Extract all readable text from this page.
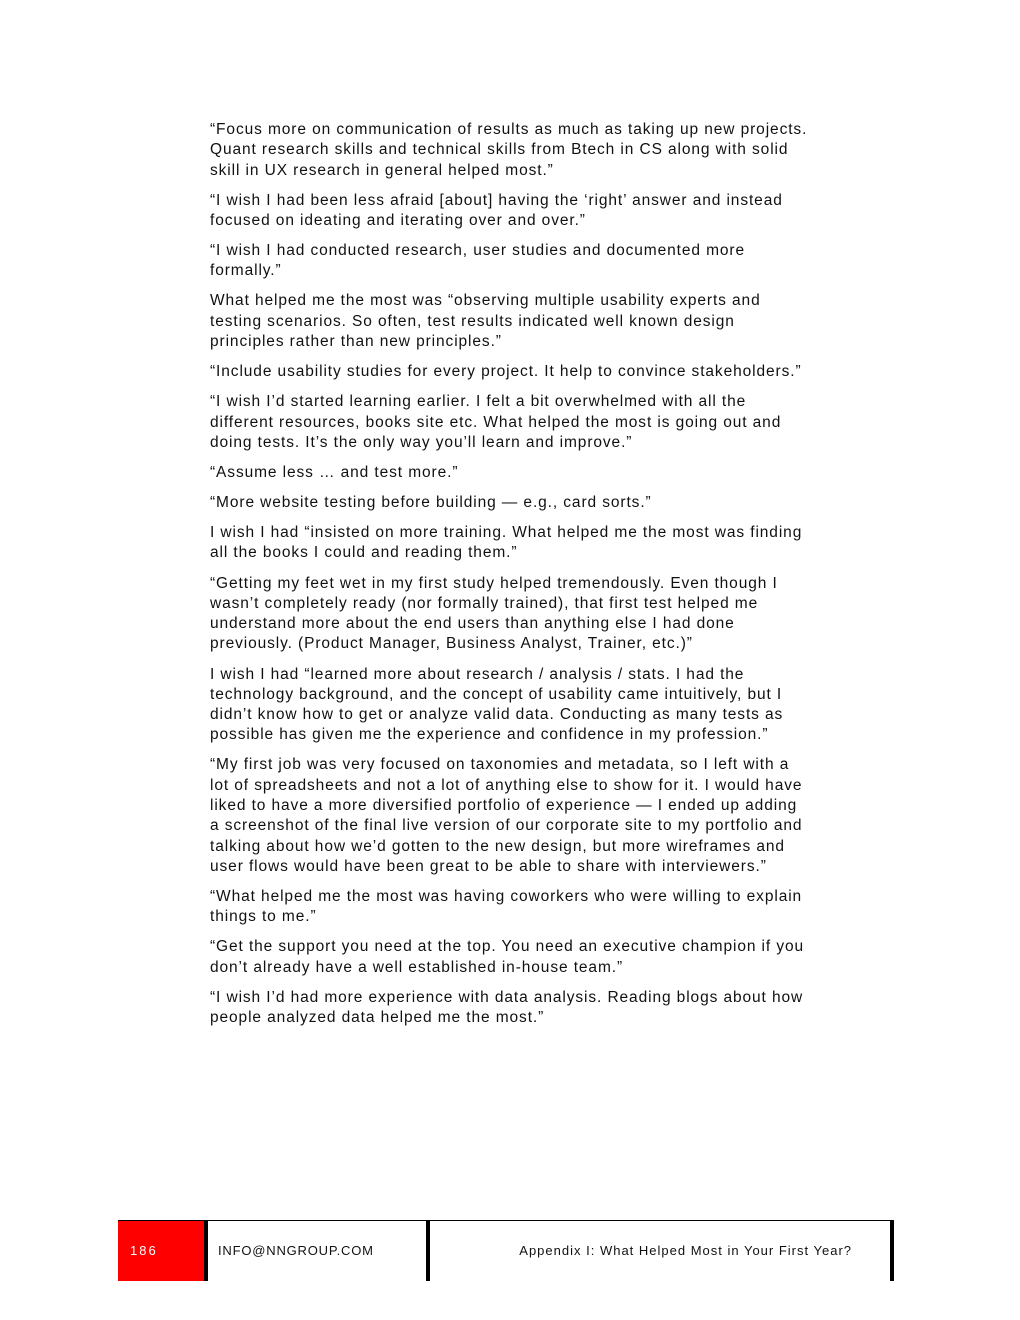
“Focus more on communication of results as much as taking up new projects. Quant research skills and technical skills from Btech in CS along with solid skill in UX research in general helped most.”

“I wish I had been less afraid [about] having the ‘right’ answer and instead focused on ideating and iterating over and over.”

“I wish I had conducted research, user studies and documented more formally.”

What helped me the most was “observing multiple usability experts and testing scenarios. So often, test results indicated well known design principles rather than new principles.”

“Include usability studies for every project. It help to convince stakeholders.”

“I wish I’d started learning earlier. I felt a bit overwhelmed with all the different resources, books site etc. What helped the most is going out and doing tests. It’s the only way you’ll learn and improve.”

“Assume less … and test more.”

“More website testing before building — e.g., card sorts.”

I wish I had “insisted on more training. What helped me the most was finding all the books I could and reading them.”

“Getting my feet wet in my first study helped tremendously. Even though I wasn’t completely ready (nor formally trained), that first test helped me understand more about the end users than anything else I had done previously. (Product Manager, Business Analyst, Trainer, etc.)”

I wish I had “learned more about research / analysis / stats. I had the technology background, and the concept of usability came intuitively, but I didn’t know how to get or analyze valid data. Conducting as many tests as possible has given me the experience and confidence in my profession.”

“My first job was very focused on taxonomies and metadata, so I left with a lot of spreadsheets and not a lot of anything else to show for it. I would have liked to have a more diversified portfolio of experience — I ended up adding a screenshot of the final live version of our corporate site to my portfolio and talking about how we’d gotten to the new design, but more wireframes and user flows would have been great to be able to share with interviewers.”

“What helped me the most was having coworkers who were willing to explain things to me.”

“Get the support you need at the top. You need an executive champion if you don’t already have a well established in-house team.”

“I wish I’d had more experience with data analysis. Reading blogs about how people analyzed data helped me the most.”

186	INFO@NNGROUP.COM	Appendix I: What Helped Most in Your First Year?
